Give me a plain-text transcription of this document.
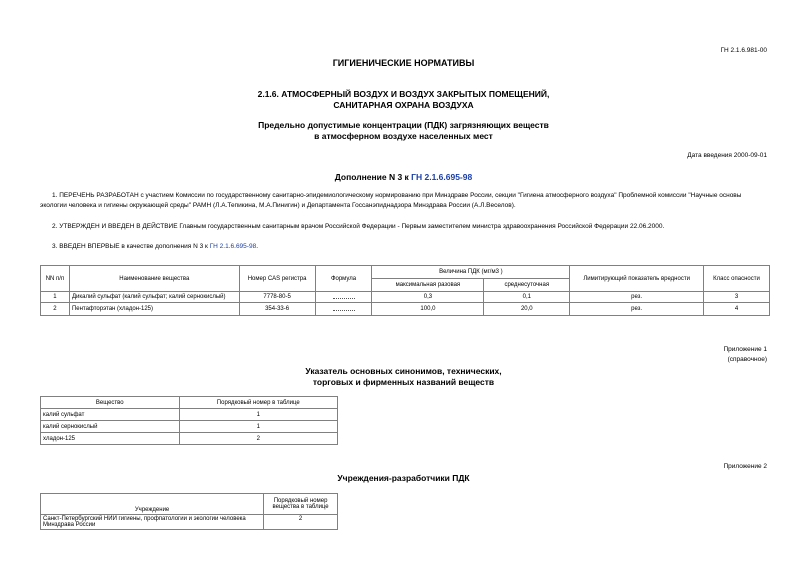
ГН 2.1.6.981-00
ГИГИЕНИЧЕСКИЕ НОРМАТИВЫ
2.1.6. АТМОСФЕРНЫЙ ВОЗДУХ И ВОЗДУХ ЗАКРЫТЫХ ПОМЕЩЕНИЙ,
САНИТАРНАЯ ОХРАНА ВОЗДУХА
Предельно допустимые концентрации (ПДК) загрязняющих веществ
в атмосферном воздухе населенных мест
Дата введения 2000-09-01
Дополнение N 3 к ГН 2.1.6.695-98
1. ПЕРЕЧЕНЬ РАЗРАБОТАН с участием Комиссии по государственному санитарно-эпидемиологическому нормированию при Минздраве России, секции "Гигиена атмосферного воздуха" Проблемной комиссии "Научные основы экологии человека и гигиены окружающей среды" РАМН (Л.А.Тепикина, М.А.Пинигин) и Департамента Госсанэпиднадзора Минздрава России (А.Л.Веселов).
2. УТВЕРЖДЕН И ВВЕДЕН В ДЕЙСТВИЕ Главным государственным санитарным врачом Российской Федерации - Первым заместителем министра здравоохранения Российской Федерации 22.06.2000.
3. ВВЕДЕН ВПЕРВЫЕ в качестве дополнения N 3 к ГН 2.1.6.695-98.
NN п/п	Наименование вещества	Номер CAS регистра	Формула	Величина ПДК (мг/м3 )		Лимитирующий показатель вредности	Класс опасности
				максимальная разовая	среднесуточная		
1	Дикалий сульфат (калий сульфат; калий сернокислый)	7778-80-5		0,3	0,1	рез.	3
2	Пентафторэтан (хладон-125)	354-33-6		100,0	20,0	рез.	4
Приложение 1
(справочное)
Указатель основных синонимов, технических,
торговых и фирменных названий веществ
Вещество	Порядковый номер в таблице
калий сульфат	1
калий сернокислый	1
хладон-125	2
Приложение 2
Учреждения-разработчики ПДК
Учреждение	Порядковый номер вещества в таблице
Санкт-Петербургский НИИ гигиены, профпатологии и экологии человека Минздрава России	2
